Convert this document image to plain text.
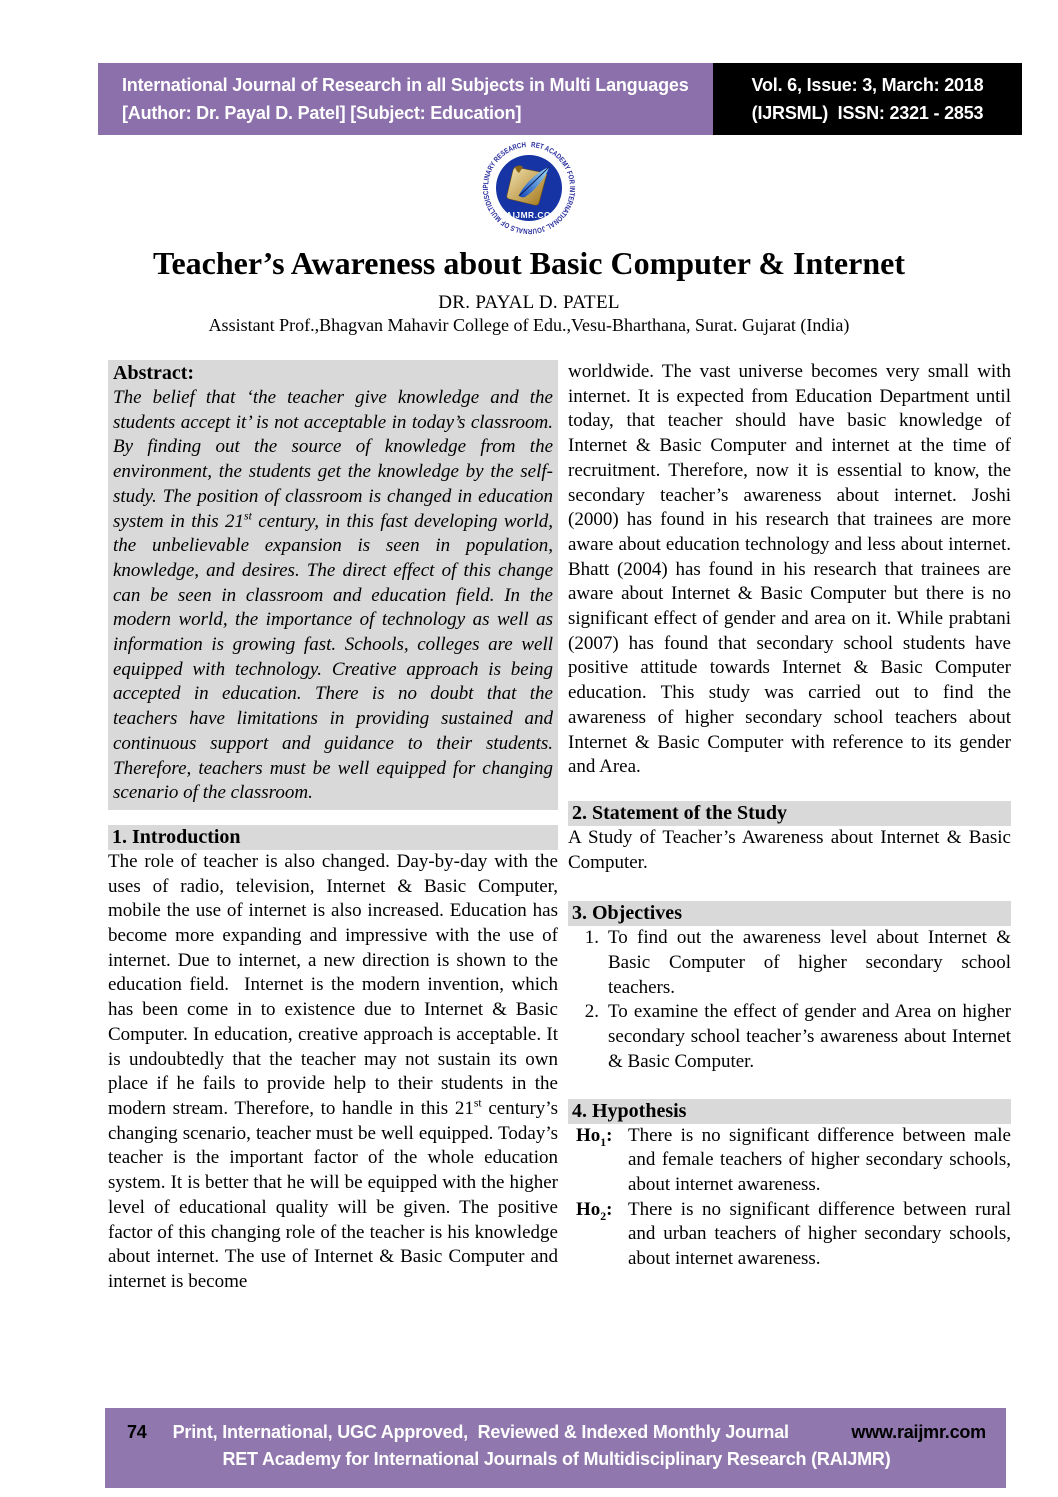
International Journal of Research in all Subjects in Multi Languages
[Author: Dr. Payal D. Patel] [Subject: Education]
Vol. 6, Issue: 3, March: 2018
(IJRSML)  ISSN: 2321 - 2853
RET ACADEMY FOR INTERNATIONAL JOURNALS OF MULTIDISCIPLINARY RESEARCH
RAIJMR.COM
Teacher’s Awareness about Basic Computer & Internet
DR. PAYAL D. PATEL
Assistant Prof.,Bhagvan Mahavir College of Edu.,Vesu-Bharthana, Surat. Gujarat (India)
Abstract:
The belief that ‘the teacher give knowledge and the students accept it’ is not acceptable in today’s classroom. By finding out the source of knowledge from the environment, the students get the knowledge by the self-study. The position of classroom is changed in education system in this 21st century, in this fast developing world, the unbelievable expansion is seen in population, knowledge, and desires. The direct effect of this change can be seen in classroom and education field. In the modern world, the importance of technology as well as information is growing fast. Schools, colleges are well equipped with technology. Creative approach is being accepted in education. There is no doubt that the teachers have limitations in providing sustained and continuous support and guidance to their students. Therefore, teachers must be well equipped for changing scenario of the classroom.
1. Introduction
The role of teacher is also changed. Day-by-day with the uses of radio, television, Internet & Basic Computer, mobile the use of internet is also increased. Education has become more expanding and impressive with the use of internet. Due to internet, a new direction is shown to the education field.  Internet is the modern invention, which has been come in to existence due to Internet & Basic Computer. In education, creative approach is acceptable. It is undoubtedly that the teacher may not sustain its own place if he fails to provide help to their students in the modern stream. Therefore, to handle in this 21st century’s changing scenario, teacher must be well equipped. Today’s teacher is the important factor of the whole education system. It is better that he will be equipped with the higher level of educational quality will be given. The positive factor of this changing role of the teacher is his knowledge about internet. The use of Internet & Basic Computer and internet is become
worldwide. The vast universe becomes very small with internet. It is expected from Education Department until today, that teacher should have basic knowledge of Internet & Basic Computer and internet at the time of recruitment. Therefore, now it is essential to know, the secondary teacher’s awareness about internet. Joshi (2000) has found in his research that trainees are more aware about education technology and less about internet. Bhatt (2004) has found in his research that trainees are aware about Internet & Basic Computer but there is no significant effect of gender and area on it. While prabtani (2007) has found that secondary school students have positive attitude towards Internet & Basic Computer education. This study was carried out to find the awareness of higher secondary school teachers about Internet & Basic Computer with reference to its gender and Area.
2. Statement of the Study
A Study of Teacher’s Awareness about Internet & Basic Computer.
3. Objectives
1. To find out the awareness level about Internet & Basic Computer of higher secondary school teachers.
2. To examine the effect of gender and Area on higher secondary school teacher’s awareness about Internet & Basic Computer.
4. Hypothesis
$Ho_1$: There is no significant difference between male and female teachers of higher secondary schools, about internet awareness.
$Ho_2$: There is no significant difference between rural and urban teachers of higher secondary schools, about internet awareness.
74 Print, International, UGC Approved,  Reviewed & Indexed Monthly Journal	www.raijmr.com
RET Academy for International Journals of Multidisciplinary Research (RAIJMR)
